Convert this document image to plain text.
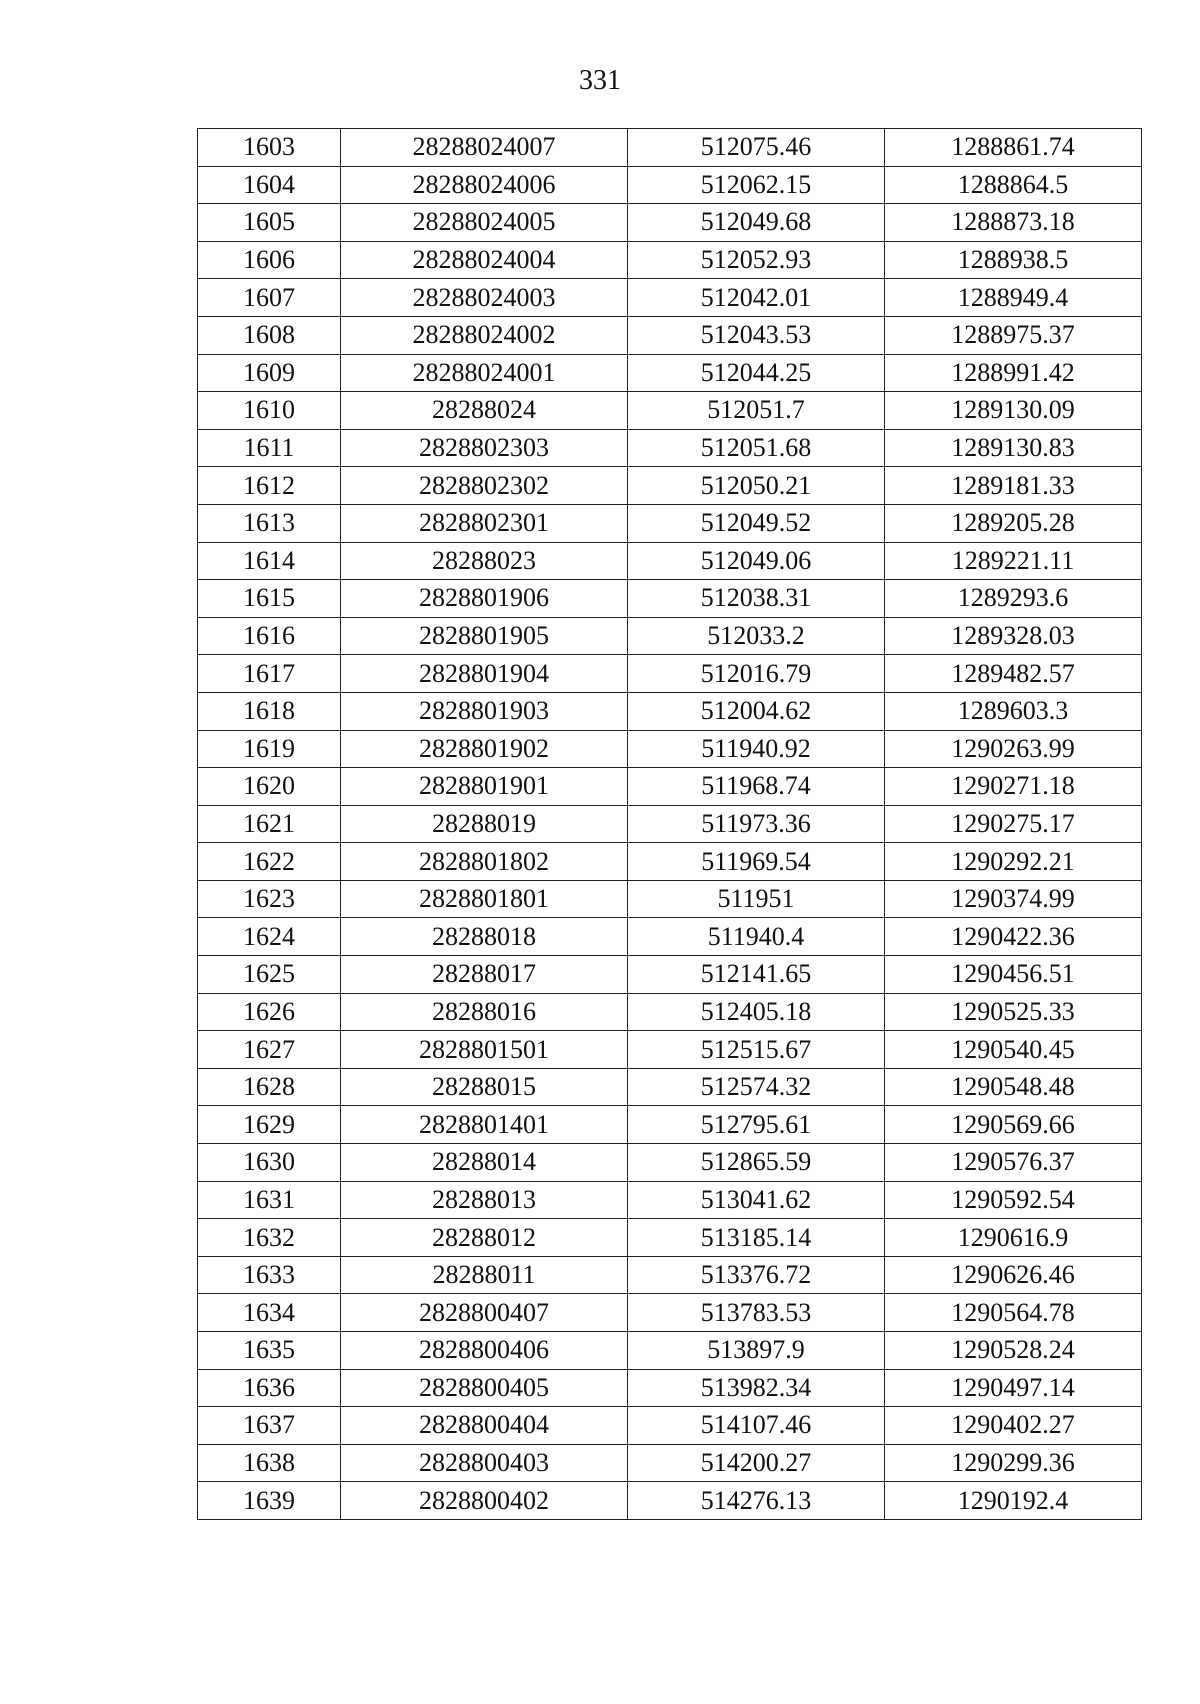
331
1603	28288024007	512075.46	1288861.74
1604	28288024006	512062.15	1288864.5
1605	28288024005	512049.68	1288873.18
1606	28288024004	512052.93	1288938.5
1607	28288024003	512042.01	1288949.4
1608	28288024002	512043.53	1288975.37
1609	28288024001	512044.25	1288991.42
1610	28288024	512051.7	1289130.09
1611	2828802303	512051.68	1289130.83
1612	2828802302	512050.21	1289181.33
1613	2828802301	512049.52	1289205.28
1614	28288023	512049.06	1289221.11
1615	2828801906	512038.31	1289293.6
1616	2828801905	512033.2	1289328.03
1617	2828801904	512016.79	1289482.57
1618	2828801903	512004.62	1289603.3
1619	2828801902	511940.92	1290263.99
1620	2828801901	511968.74	1290271.18
1621	28288019	511973.36	1290275.17
1622	2828801802	511969.54	1290292.21
1623	2828801801	511951	1290374.99
1624	28288018	511940.4	1290422.36
1625	28288017	512141.65	1290456.51
1626	28288016	512405.18	1290525.33
1627	2828801501	512515.67	1290540.45
1628	28288015	512574.32	1290548.48
1629	2828801401	512795.61	1290569.66
1630	28288014	512865.59	1290576.37
1631	28288013	513041.62	1290592.54
1632	28288012	513185.14	1290616.9
1633	28288011	513376.72	1290626.46
1634	2828800407	513783.53	1290564.78
1635	2828800406	513897.9	1290528.24
1636	2828800405	513982.34	1290497.14
1637	2828800404	514107.46	1290402.27
1638	2828800403	514200.27	1290299.36
1639	2828800402	514276.13	1290192.4
